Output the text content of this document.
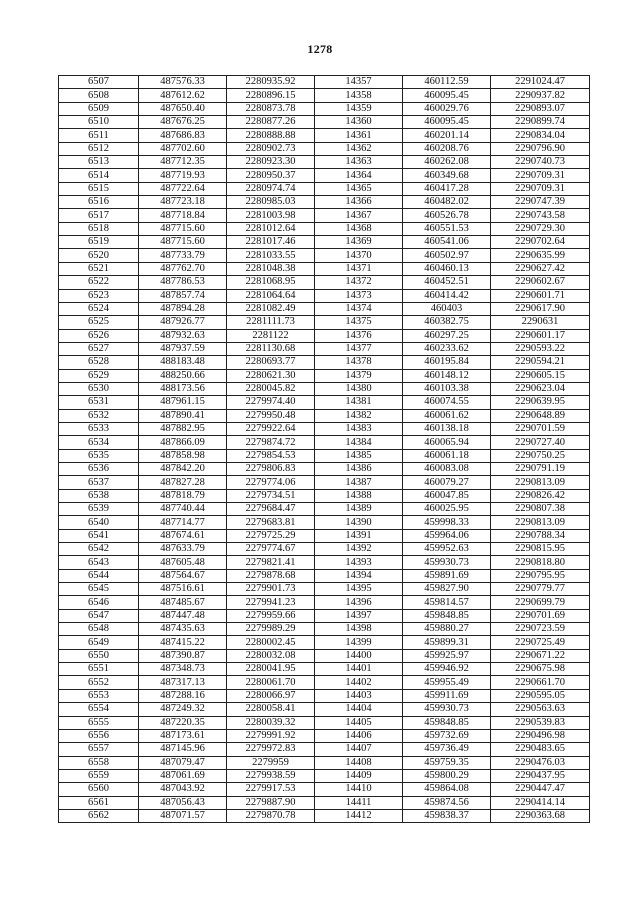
1278
6507	487576.33	2280935.92	14357	460112.59	2291024.47
6508	487612.62	2280896.15	14358	460095.45	2290937.82
6509	487650.40	2280873.78	14359	460029.76	2290893.07
6510	487676.25	2280877.26	14360	460095.45	2290899.74
6511	487686.83	2280888.88	14361	460201.14	2290834.04
6512	487702.60	2280902.73	14362	460208.76	2290796.90
6513	487712.35	2280923.30	14363	460262.08	2290740.73
6514	487719.93	2280950.37	14364	460349.68	2290709.31
6515	487722.64	2280974.74	14365	460417.28	2290709.31
6516	487723.18	2280985.03	14366	460482.02	2290747.39
6517	487718.84	2281003.98	14367	460526.78	2290743.58
6518	487715.60	2281012.64	14368	460551.53	2290729.30
6519	487715.60	2281017.46	14369	460541.06	2290702.64
6520	487733.79	2281033.55	14370	460502.97	2290635.99
6521	487762.70	2281048.38	14371	460460.13	2290627.42
6522	487786.53	2281068.95	14372	460452.51	2290602.67
6523	487857.74	2281064.64	14373	460414.42	2290601.71
6524	487894.28	2281082.49	14374	460403	2290617.90
6525	487926.77	2281111.73	14375	460382.75	2290631
6526	487932.63	2281122	14376	460297.25	2290601.17
6527	487937.59	2281130.68	14377	460233.62	2290593.22
6528	488183.48	2280693.77	14378	460195.84	2290594.21
6529	488250.66	2280621.30	14379	460148.12	2290605.15
6530	488173.56	2280045.82	14380	460103.38	2290623.04
6531	487961.15	2279974.40	14381	460074.55	2290639.95
6532	487890.41	2279950.48	14382	460061.62	2290648.89
6533	487882.95	2279922.64	14383	460138.18	2290701.59
6534	487866.09	2279874.72	14384	460065.94	2290727.40
6535	487858.98	2279854.53	14385	460061.18	2290750.25
6536	487842.20	2279806.83	14386	460083.08	2290791.19
6537	487827.28	2279774.06	14387	460079.27	2290813.09
6538	487818.79	2279734.51	14388	460047.85	2290826.42
6539	487740.44	2279684.47	14389	460025.95	2290807.38
6540	487714.77	2279683.81	14390	459998.33	2290813.09
6541	487674.61	2279725.29	14391	459964.06	2290788.34
6542	487633.79	2279774.67	14392	459952.63	2290815.95
6543	487605.48	2279821.41	14393	459930.73	2290818.80
6544	487564.67	2279878.68	14394	459891.69	2290795.95
6545	487516.61	2279901.73	14395	459827.90	2290779.77
6546	487485.67	2279941.23	14396	459814.57	2290699.79
6547	487447.48	2279959.66	14397	459848.85	2290701.69
6548	487435.63	2279989.29	14398	459880.27	2290723.59
6549	487415.22	2280002.45	14399	459899.31	2290725.49
6550	487390.87	2280032.08	14400	459925.97	2290671.22
6551	487348.73	2280041.95	14401	459946.92	2290675.98
6552	487317.13	2280061.70	14402	459955.49	2290661.70
6553	487288.16	2280066.97	14403	459911.69	2290595.05
6554	487249.32	2280058.41	14404	459930.73	2290563.63
6555	487220.35	2280039.32	14405	459848.85	2290539.83
6556	487173.61	2279991.92	14406	459732.69	2290496.98
6557	487145.96	2279972.83	14407	459736.49	2290483.65
6558	487079.47	2279959	14408	459759.35	2290476.03
6559	487061.69	2279938.59	14409	459800.29	2290437.95
6560	487043.92	2279917.53	14410	459864.08	2290447.47
6561	487056.43	2279887.90	14411	459874.56	2290414.14
6562	487071.57	2279870.78	14412	459838.37	2290363.68
